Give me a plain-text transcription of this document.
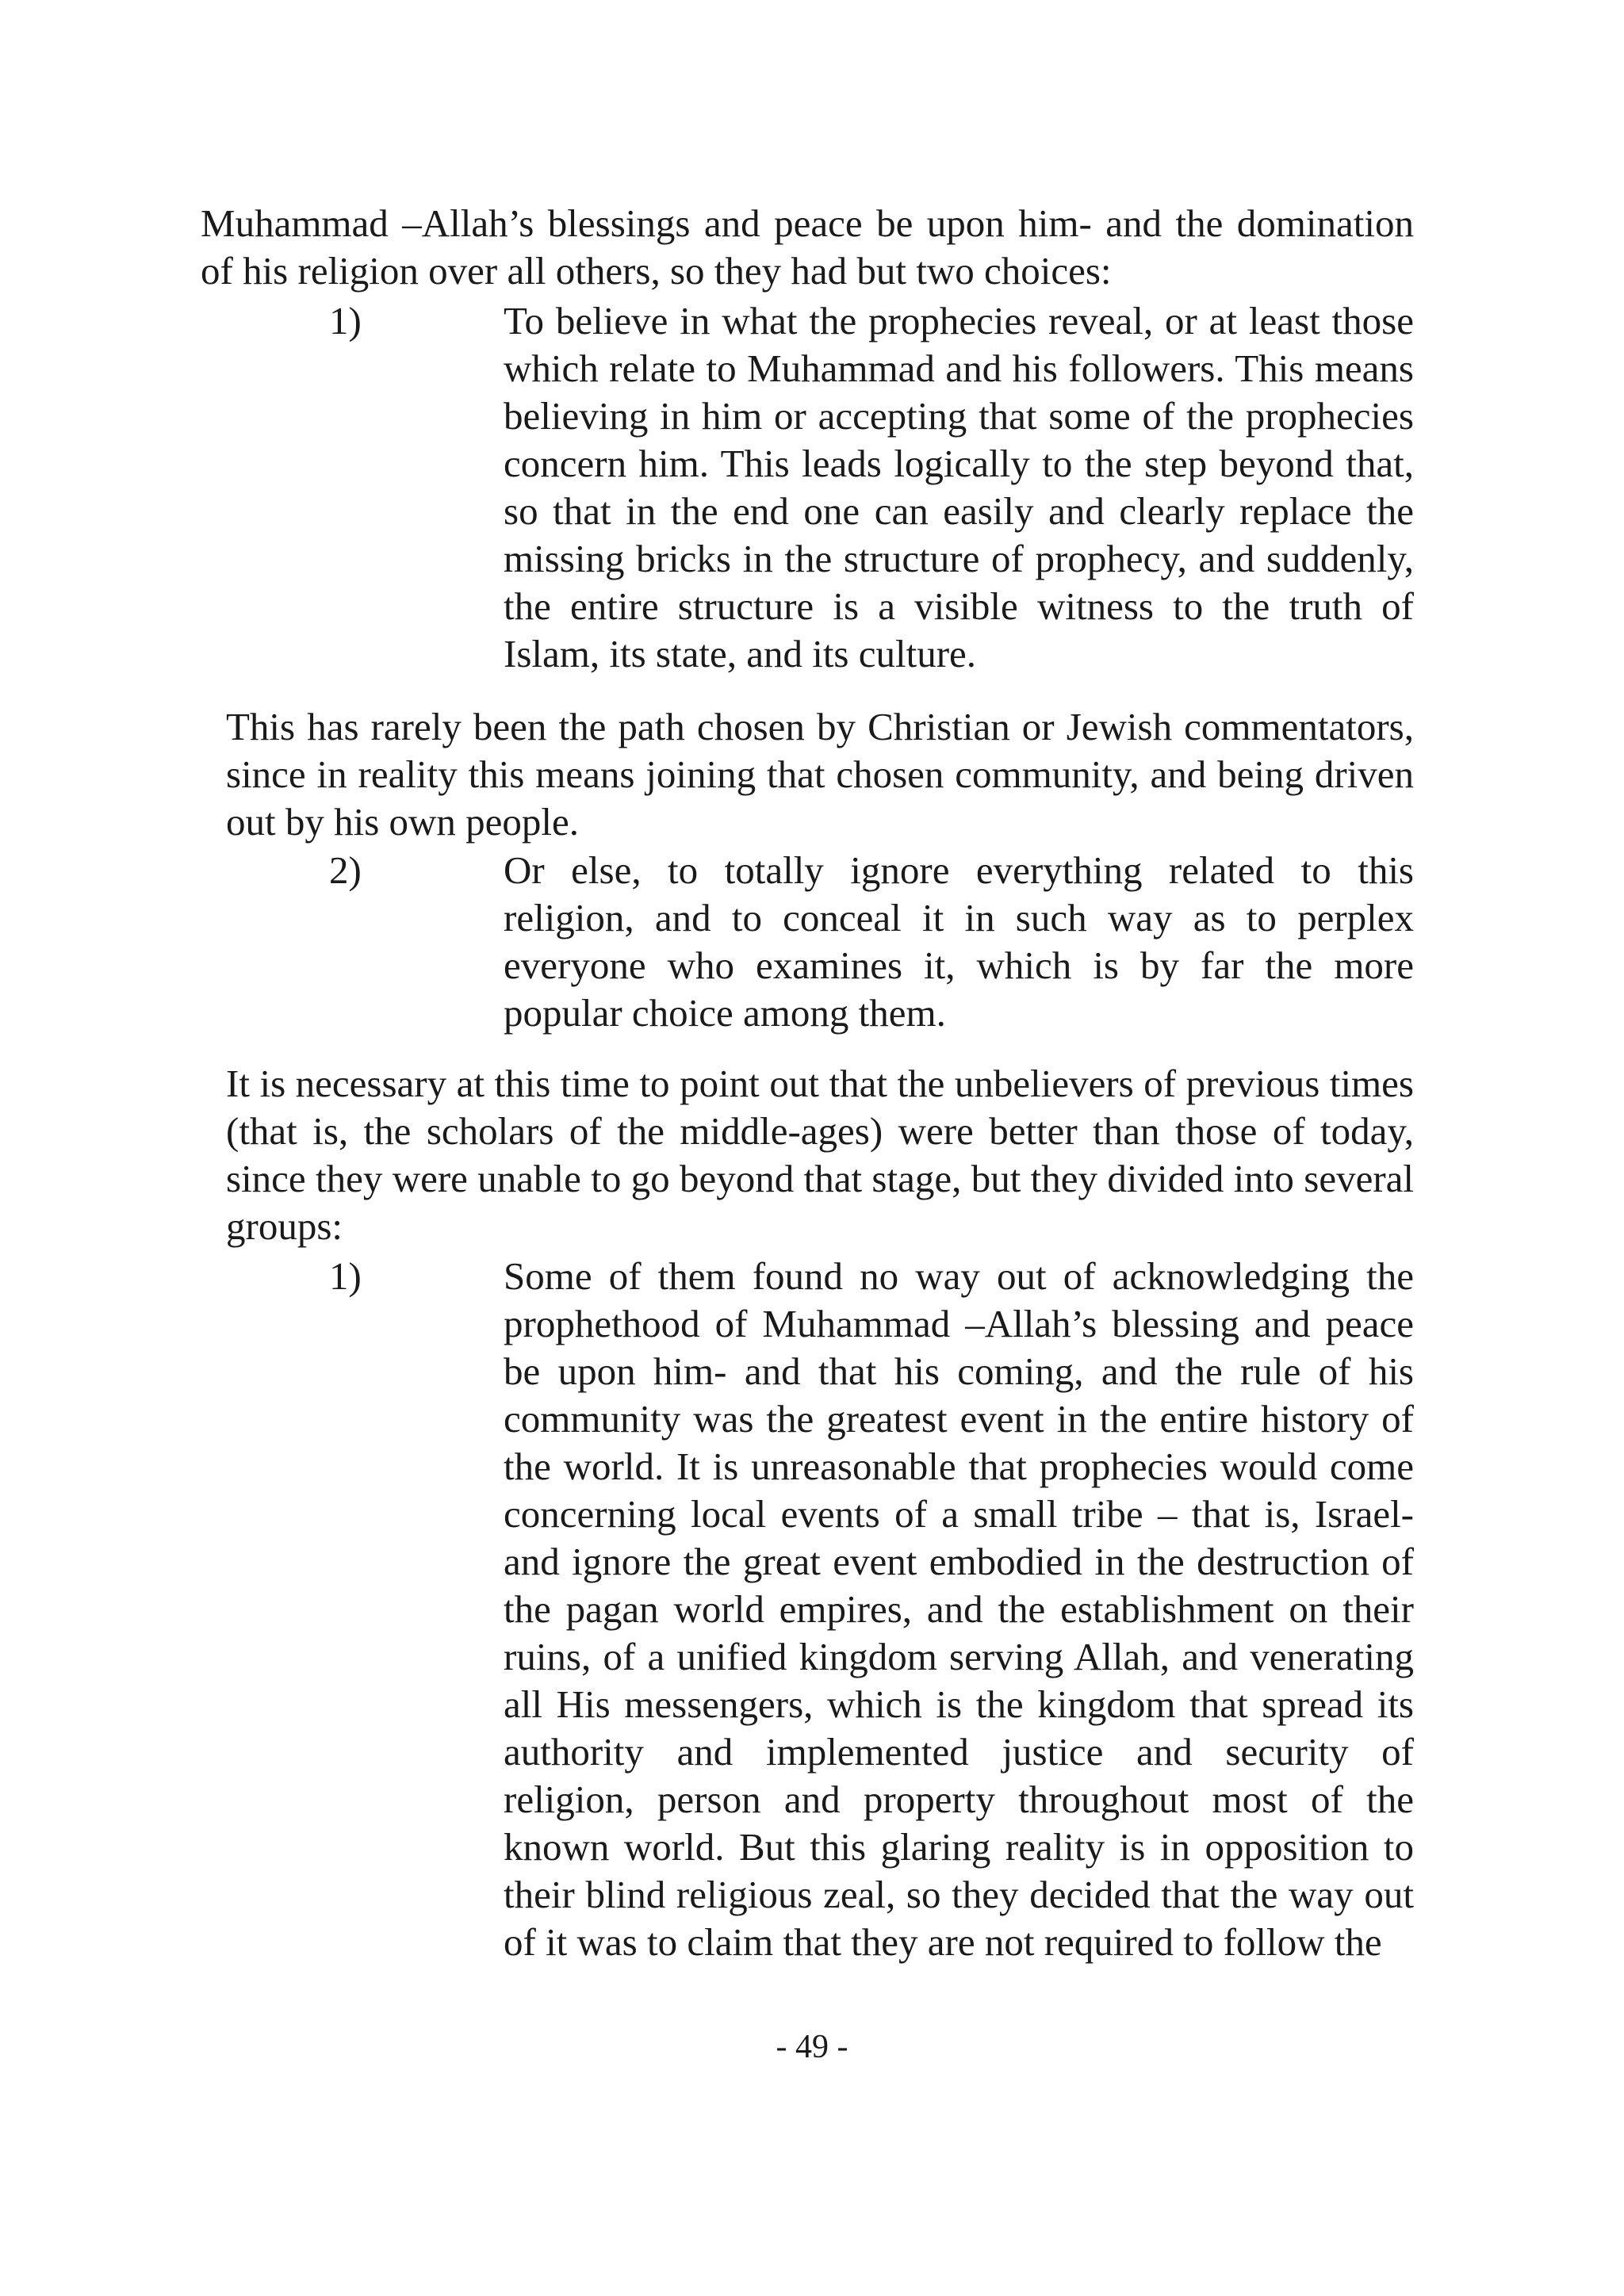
Muhammad –Allah’s blessings and peace be upon him- and the domination of his religion over all others, so they had but two choices:

1)	To believe in what the prophecies reveal, or at least those which relate to Muhammad and his followers. This means believing in him or accepting that some of the prophecies concern him. This leads logically to the step beyond that, so that in the end one can easily and clearly replace the missing bricks in the structure of prophecy, and suddenly, the entire structure is a visible witness to the truth of Islam, its state, and its culture.

This has rarely been the path chosen by Christian or Jewish commentators, since in reality this means joining that chosen community, and being driven out by his own people.

2)	Or else, to totally ignore everything related to this religion, and to conceal it in such way as to perplex everyone who examines it, which is by far the more popular choice among them.

It is necessary at this time to point out that the unbelievers of previous times (that is, the scholars of the middle-ages) were better than those of today, since they were unable to go beyond that stage, but they divided into several groups:

1)	Some of them found no way out of acknowledging the prophethood of Muhammad –Allah’s blessing and peace be upon him- and that his coming, and the rule of his community was the greatest event in the entire history of the world. It is unreasonable that prophecies would come concerning local events of a small tribe – that is, Israel- and ignore the great event embodied in the destruction of the pagan world empires, and the establishment on their ruins, of a unified kingdom serving Allah, and venerating all His messengers, which is the kingdom that spread its authority and implemented justice and security of religion, person and property throughout most of the known world. But this glaring reality is in opposition to their blind religious zeal, so they decided that the way out of it was to claim that they are not required to follow the

- 49 -
